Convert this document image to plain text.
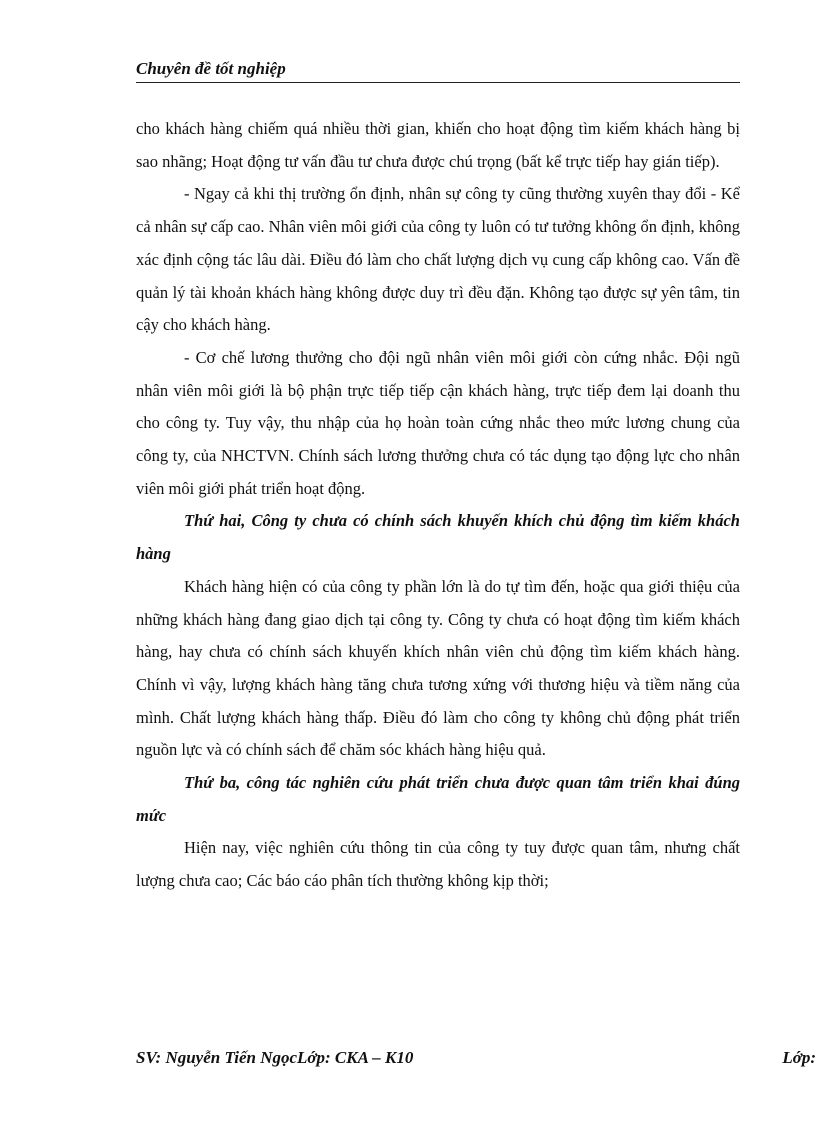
Chuyên đề tốt nghiệp

cho khách hàng chiếm quá nhiều thời gian, khiến cho hoạt động tìm kiếm khách hàng bị sao nhãng; Hoạt động tư vấn đầu tư chưa được chú trọng (bất kể trực tiếp hay gián tiếp).

- Ngay cả khi thị trường ổn định, nhân sự công ty cũng thường xuyên thay đổi - Kể cả nhân sự cấp cao. Nhân viên môi giới của công ty luôn có tư tưởng không ổn định, không xác định cộng tác lâu dài. Điều đó làm cho chất lượng dịch vụ cung cấp không cao. Vấn đề quản lý tài khoản khách hàng không được duy trì đều đặn. Không tạo được sự yên tâm, tin cậy cho khách hàng.

- Cơ chế lương thưởng cho đội ngũ nhân viên môi giới còn cứng nhắc. Đội ngũ nhân viên môi giới là bộ phận trực tiếp tiếp cận khách hàng, trực tiếp đem lại doanh thu cho công ty. Tuy vậy, thu nhập của họ hoàn toàn cứng nhắc theo mức lương chung của công ty, của NHCTVN. Chính sách lương thưởng chưa có tác dụng tạo động lực cho nhân viên môi giới phát triển hoạt động.

Thứ hai, Công ty chưa có chính sách khuyến khích chủ động tìm kiếm khách hàng

Khách hàng hiện có của công ty phần lớn là do tự tìm đến, hoặc qua giới thiệu của những khách hàng đang giao dịch tại công ty. Công ty chưa có hoạt động tìm kiếm khách hàng, hay chưa có chính sách khuyến khích nhân viên chủ động tìm kiếm khách hàng. Chính vì vậy, lượng khách hàng tăng chưa tương xứng với thương hiệu và tiềm năng của mình. Chất lượng khách hàng thấp. Điều đó làm cho công ty không chủ động phát triển nguồn lực và có chính sách để chăm sóc khách hàng hiệu quả.

Thứ ba, công tác nghiên cứu phát triển chưa được quan tâm triển khai đúng mức

Hiện nay, việc nghiên cứu thông tin của công ty tuy được quan tâm, nhưng chất lượng chưa cao; Các báo cáo phân tích thường không kịp thời;

SV: Nguyễn Tiến NgọcLớp: CKA – K10	Lớp:
